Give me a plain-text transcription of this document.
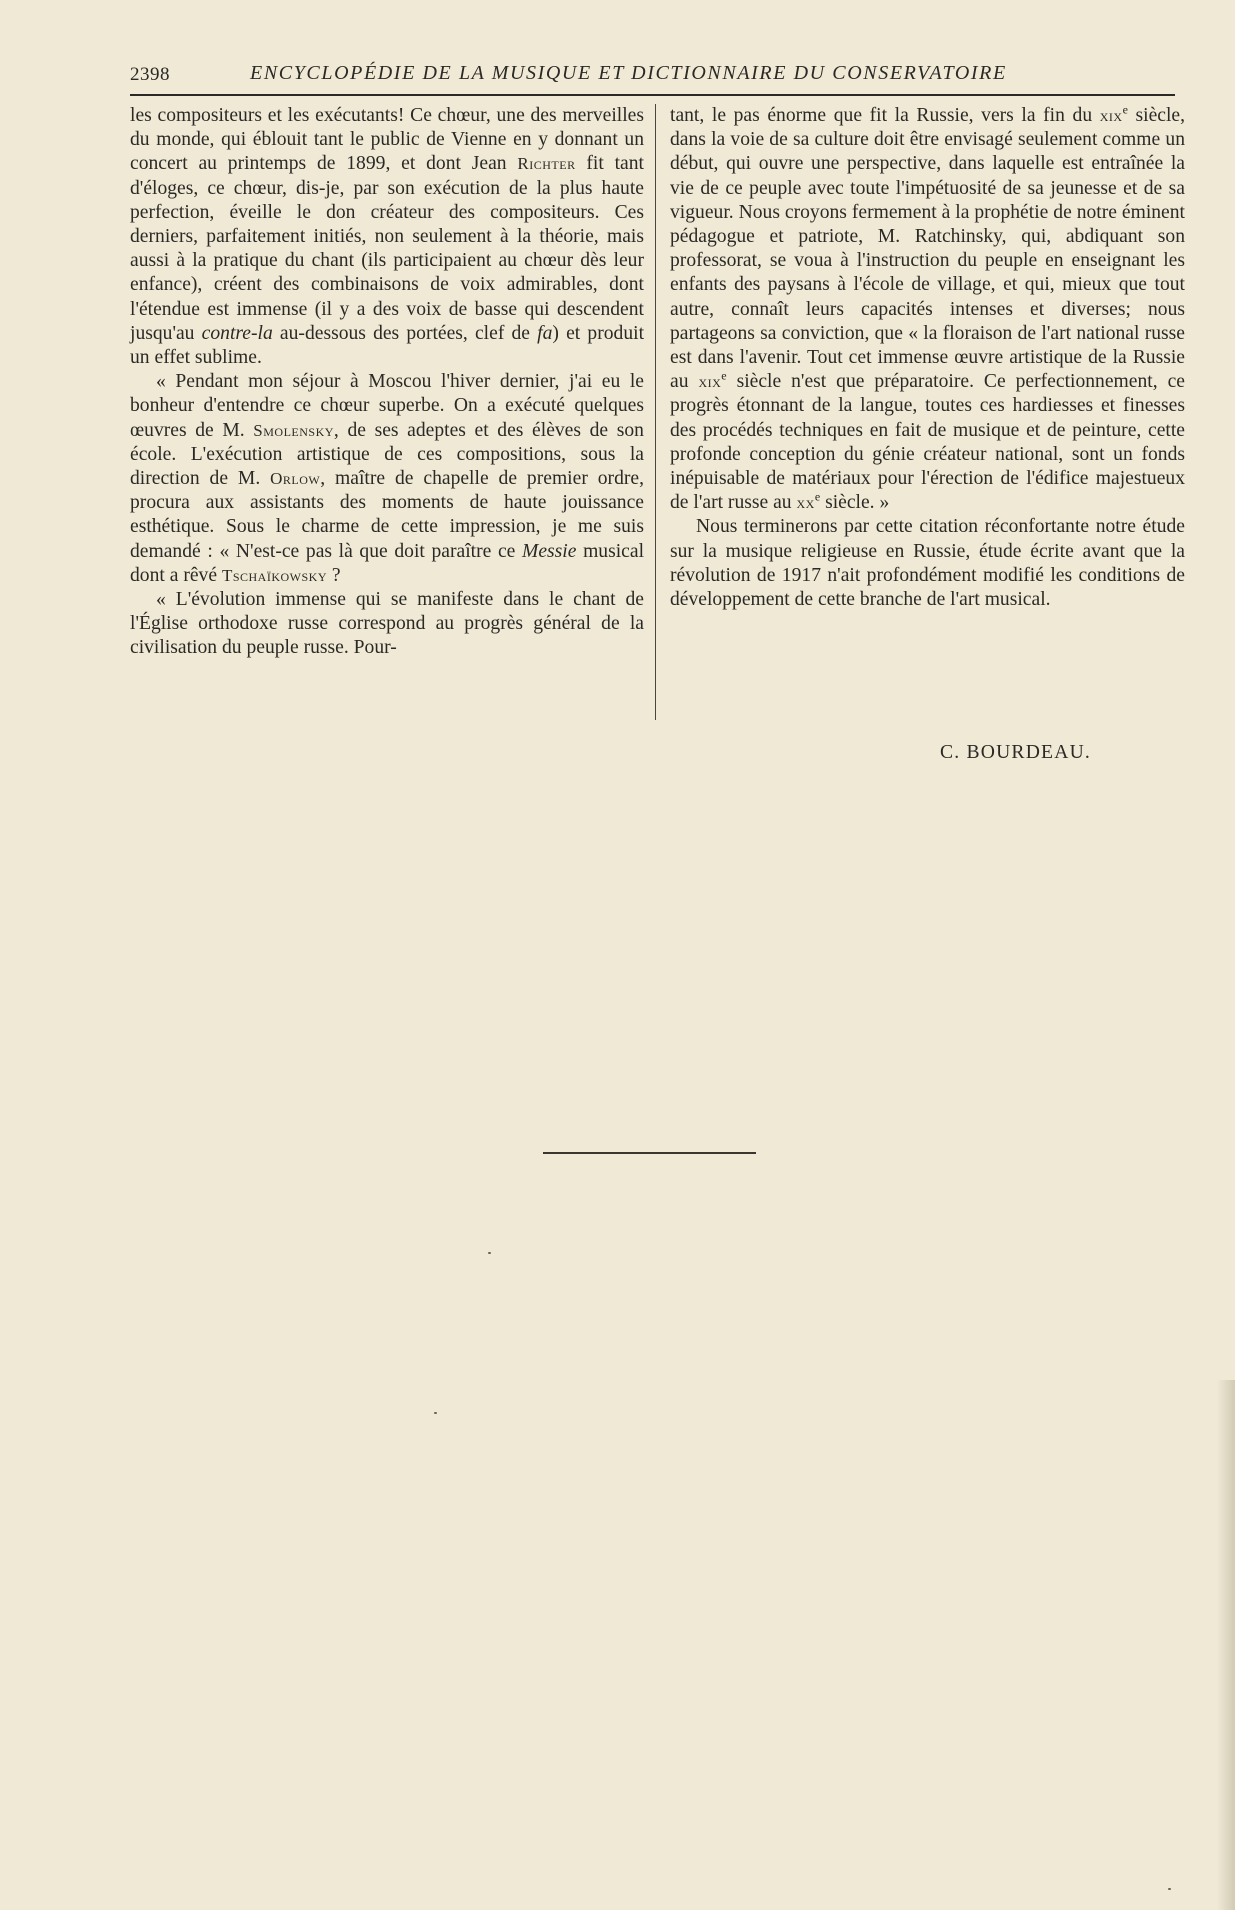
2398	ENCYCLOPÉDIE DE LA MUSIQUE ET DICTIONNAIRE DU CONSERVATOIRE

les compositeurs et les exécutants! Ce chœur, une des merveilles du monde, qui éblouit tant le public de Vienne en y donnant un concert au printemps de 1899, et dont Jean Richter fit tant d'éloges, ce chœur, dis-je, par son exécution de la plus haute perfection, éveille le don créateur des compositeurs. Ces derniers, parfaitement initiés, non seulement à la théorie, mais aussi à la pratique du chant (ils participaient au chœur dès leur enfance), créent des combinaisons de voix admirables, dont l'étendue est immense (il y a des voix de basse qui descendent jusqu'au contre-la au-dessous des portées, clef de fa) et produit un effet sublime.

« Pendant mon séjour à Moscou l'hiver dernier, j'ai eu le bonheur d'entendre ce chœur superbe. On a exécuté quelques œuvres de M. Smolensky, de ses adeptes et des élèves de son école. L'exécution artistique de ces compositions, sous la direction de M. Orlow, maître de chapelle de premier ordre, procura aux assistants des moments de haute jouissance esthétique. Sous le charme de cette impression, je me suis demandé : « N'est-ce pas là que doit paraître ce Messie musical dont a rêvé Tschaïkowsky ?

« L'évolution immense qui se manifeste dans le chant de l'Église orthodoxe russe correspond au progrès général de la civilisation du peuple russe. Pour-

tant, le pas énorme que fit la Russie, vers la fin du xix$^e$ siècle, dans la voie de sa culture doit être envisagé seulement comme un début, qui ouvre une perspective, dans laquelle est entraînée la vie de ce peuple avec toute l'impétuosité de sa jeunesse et de sa vigueur. Nous croyons fermement à la prophétie de notre éminent pédagogue et patriote, M. Ratchinsky, qui, abdiquant son professorat, se voua à l'instruction du peuple en enseignant les enfants des paysans à l'école de village, et qui, mieux que tout autre, connaît leurs capacités intenses et diverses; nous partageons sa conviction, que « la floraison de l'art national russe est dans l'avenir. Tout cet immense œuvre artistique de la Russie au xix$^e$ siècle n'est que préparatoire. Ce perfectionnement, ce progrès étonnant de la langue, toutes ces hardiesses et finesses des procédés techniques en fait de musique et de peinture, cette profonde conception du génie créateur national, sont un fonds inépuisable de matériaux pour l'érection de l'édifice majestueux de l'art russe au $xx^e$ siècle. »

Nous terminerons par cette citation réconfortante notre étude sur la musique religieuse en Russie, étude écrite avant que la révolution de 1917 n'ait profondément modifié les conditions de développement de cette branche de l'art musical.

C. BOURDEAU.
